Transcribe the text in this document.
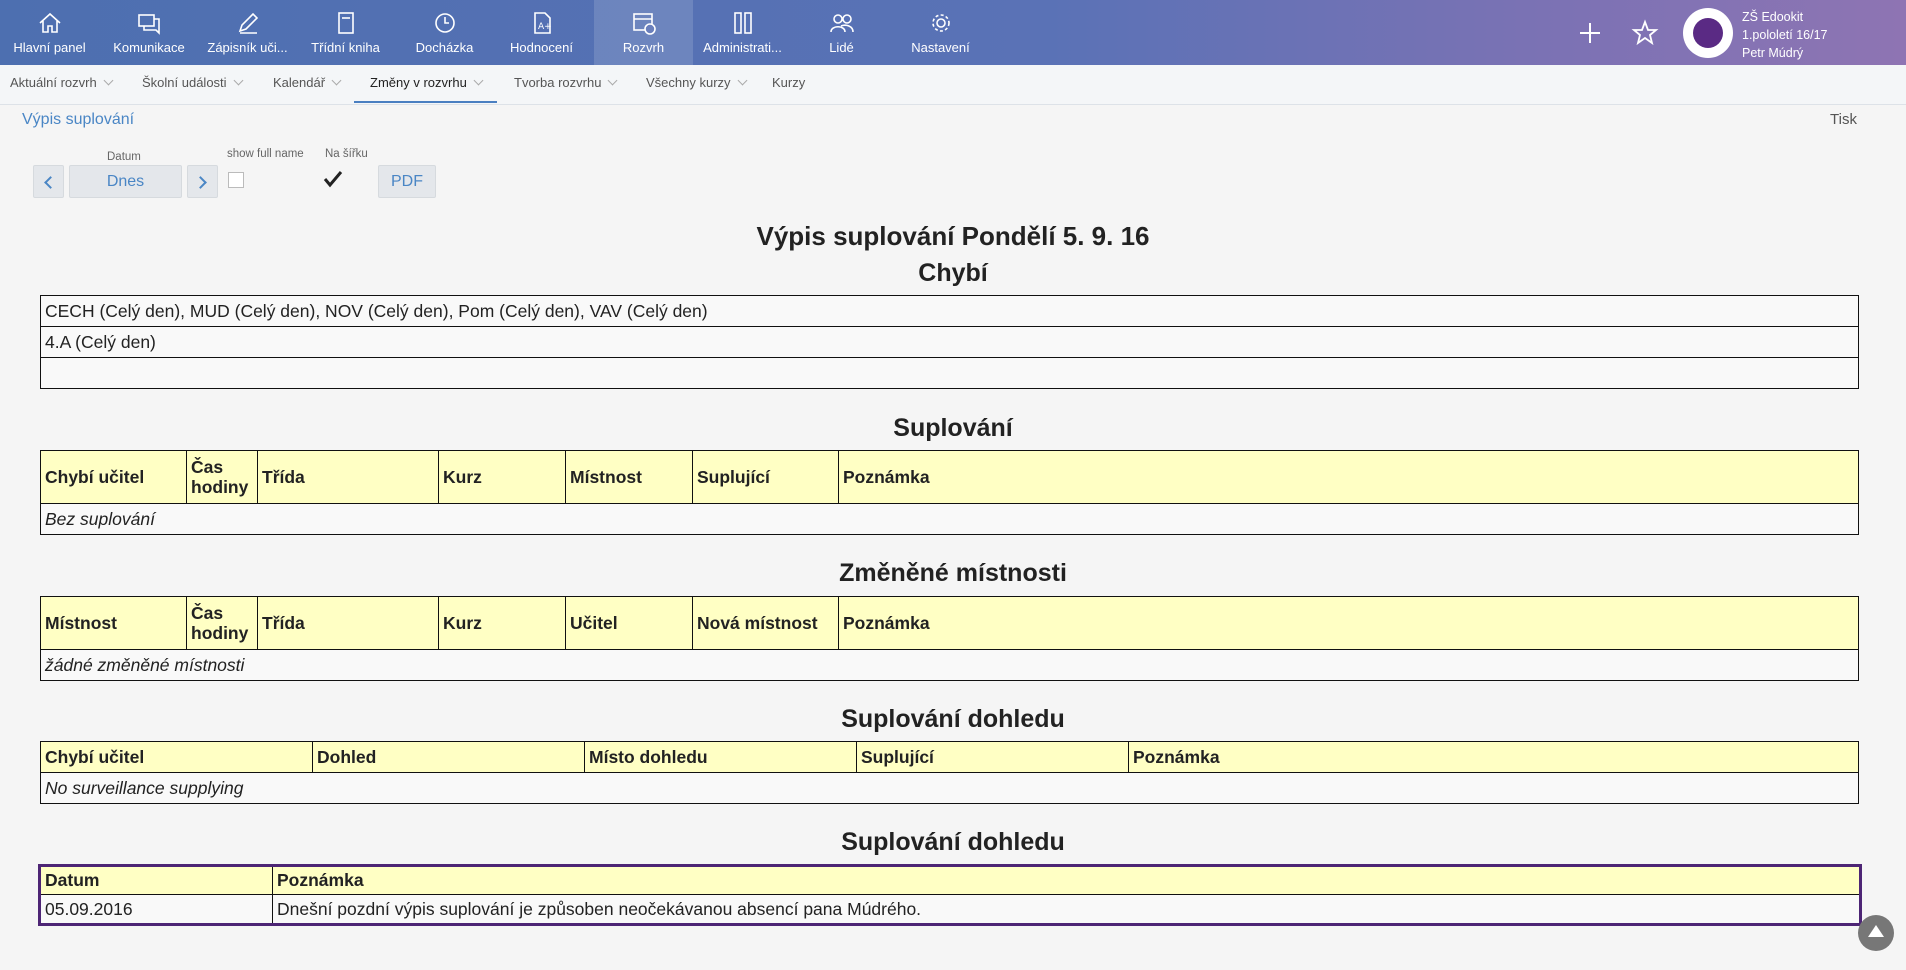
Hlavní panel	Komunikace	Zápisník uči...	Třídní kniha	Docházka
A+
Hodnocení	Rozvrh	Administrati...	Lidé	Nastavení
ZŠ Edookit
1.pololetí 16/17
Petr Múdrý
Aktuální rozvrh	Školní události	Kalendář	Změny v rozvrhu	Tvorba rozvrhu	Všechny kurzy	Kurzy
Výpis suplování	Tisk
Datum
Dnes
show full name Na šířku
PDF
Výpis suplování Pondělí 5. 9. 16
Chybí
CECH (Celý den), MUD (Celý den), NOV (Celý den), Pom (Celý den), VAV (Celý den)
4.A (Celý den)

Suplování
Chybí učitel	Čas hodiny	Třída	Kurz	Místnost	Suplující	Poznámka
Bez suplování
Změněné místnosti
Místnost	Čas hodiny	Třída	Kurz	Učitel	Nová místnost	Poznámka
žádné změněné místnosti
Suplování dohledu
Chybí učitel	Dohled	Místo dohledu	Suplující	Poznámka
No surveillance supplying
Suplování dohledu
Datum	Poznámka
05.09.2016	Dnešní pozdní výpis suplování je způsoben neočekávanou absencí pana Múdrého.
